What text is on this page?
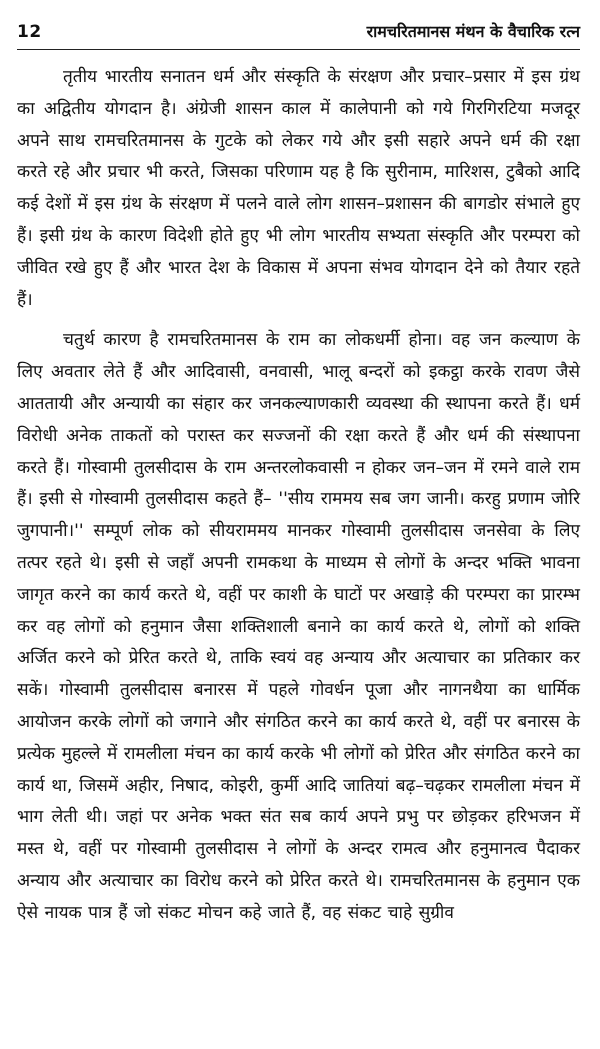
12	रामचरितमानस मंथन के वैचारिक रत्न

तृतीय भारतीय सनातन धर्म और संस्कृति के संरक्षण और प्रचार–प्रसार में इस ग्रंथ का अद्वितीय योगदान है। अंग्रेजी शासन काल में कालेपानी को गये गिरगिरटिया मजदूर अपने साथ रामचरितमानस के गुटके को लेकर गये और इसी सहारे अपने धर्म की रक्षा करते रहे और प्रचार भी करते, जिसका परिणाम यह है कि सुरीनाम, मारिशस, टुबैको आदि कई देशों में इस ग्रंथ के संरक्षण में पलने वाले लोग शासन–प्रशासन की बागडोर संभाले हुए हैं। इसी ग्रंथ के कारण विदेशी होते हुए भी लोग भारतीय सभ्यता संस्कृति और परम्परा को जीवित रखे हुए हैं और भारत देश के विकास में अपना संभव योगदान देने को तैयार रहते हैं।

चतुर्थ कारण है रामचरितमानस के राम का लोकधर्मी होना। वह जन कल्याण के लिए अवतार लेते हैं और आदिवासी, वनवासी, भालू बन्दरों को इकट्ठा करके रावण जैसे आततायी और अन्यायी का संहार कर जनकल्याणकारी व्यवस्था की स्थापना करते हैं। धर्म विरोधी अनेक ताकतों को परास्त कर सज्जनों की रक्षा करते हैं और धर्म की संस्थापना करते हैं। गोस्वामी तुलसीदास के राम अन्तरलोकवासी न होकर जन–जन में रमने वाले राम हैं। इसी से गोस्वामी तुलसीदास कहते हैं– ''सीय राममय सब जग जानी। करहु प्रणाम जोरि जुगपानी।'' सम्पूर्ण लोक को सीयराममय मानकर गोस्वामी तुलसीदास जनसेवा के लिए तत्पर रहते थे। इसी से जहाँ अपनी रामकथा के माध्यम से लोगों के अन्दर भक्ति भावना जागृत करने का कार्य करते थे, वहीं पर काशी के घाटों पर अखाड़े की परम्परा का प्रारम्भ कर वह लोगों को हनुमान जैसा शक्तिशाली बनाने का कार्य करते थे, लोगों को शक्ति अर्जित करने को प्रेरित करते थे, ताकि स्वयं वह अन्याय और अत्याचार का प्रतिकार कर सकें। गोस्वामी तुलसीदास बनारस में पहले गोवर्धन पूजा और नागनथैया का धार्मिक आयोजन करके लोगों को जगाने और संगठित करने का कार्य करते थे, वहीं पर बनारस के प्रत्येक मुहल्ले में रामलीला मंचन का कार्य करके भी लोगों को प्रेरित और संगठित करने का कार्य था, जिसमें अहीर, निषाद, कोइरी, कुर्मी आदि जातियां बढ़–चढ़कर रामलीला मंचन में भाग लेती थी। जहां पर अनेक भक्त संत सब कार्य अपने प्रभु पर छोड़कर हरिभजन में मस्त थे, वहीं पर गोस्वामी तुलसीदास ने लोगों के अन्दर रामत्व और हनुमानत्व पैदाकर अन्याय और अत्याचार का विरोध करने को प्रेरित करते थे। रामचरितमानस के हनुमान एक ऐसे नायक पात्र हैं जो संकट मोचन कहे जाते हैं, वह संकट चाहे सुग्रीव
